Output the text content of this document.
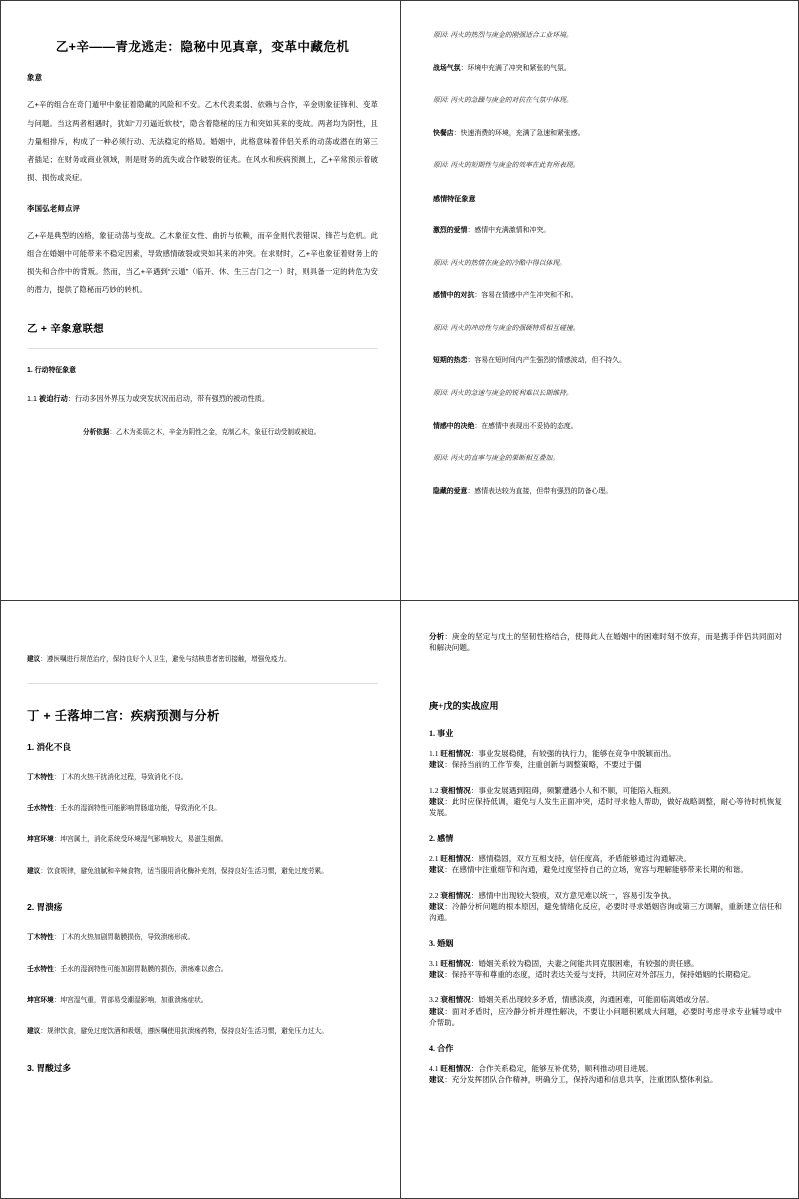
乙+辛——青龙逃走：隐秘中见真章，变革中藏危机
象意

乙+辛的组合在奇门遁甲中象征着隐藏的风险和不安。乙木代表柔弱、依赖与合作，辛金则象征锋利、变革与问题。当这两者相遇时，犹如“刀刃逼近软枝”，隐含着隐秘的压力和突如其来的变故。两者均为阴性，且力量相排斥，构成了一种必须行动、无法稳定的格局。婚姻中，此格意味着伴侣关系的动荡或潜在的第三者插足；在财务或商业领域，则是财务的流失或合作破裂的征兆。在风水和疾病预测上，乙+辛常预示着破损、损伤或炎症。

李国弘老师点评

乙+辛是典型的凶格，象征动荡与变故。乙木象征女性、曲折与依赖，而辛金则代表错误、锋芒与危机。此组合在婚姻中可能带来不稳定因素，导致感情破裂或突如其来的冲突。在求财时，乙+辛也象征着财务上的损失和合作中的背叛。然而，当乙+辛遇到“云遁”（临开、休、生三吉门之一）时，则具备一定的转危为安的潜力，提供了隐秘而巧妙的转机。

乙 + 辛象意联想
1. 行动特征象意

1.1 被迫行动：行动多因外界压力或突发状况而启动，带有强烈的被动性质。

分析依据：乙木为柔弱之木，辛金为阴性之金，克制乙木，象征行动受制或被迫。

原因: 丙火的热烈与庚金的刚强适合工业环境。

战场气氛：环境中充满了冲突和紧张的气氛。

原因: 丙火的急躁与庚金的对抗在气氛中体现。

快餐店：快速消费的环境，充满了急速和紧张感。

原因: 丙火的短期性与庚金的效率在此有所表现。

感情特征象意

激烈的爱情：感情中充满激情和冲突。

原因: 丙火的热情在庚金的冷酷中得以体现。

感情中的对抗：容易在情感中产生冲突和不和。

原因: 丙火的冲动性与庚金的强硬特质相互碰撞。

短期的热恋：容易在短时间内产生强烈的情感波动，但不持久。

原因: 丙火的急速与庚金的锐利难以长期维持。

情感中的决绝：在感情中表现出不妥协的态度。

原因: 丙火的直率与庚金的果断相互叠加。

隐藏的爱意：感情表达较为直接，但带有强烈的防备心理。

建议：遵医嘱进行规范治疗，保持良好个人卫生，避免与结核患者密切接触，增强免疫力。

丁 + 壬落坤二宫：疾病预测与分析
1. 消化不良

丁木特性：丁木的火热干扰消化过程，导致消化不良。

壬水特性：壬水的湿润特性可能影响胃肠道功能，导致消化不良。

坤宫环境：坤宫属土，消化系统受环境湿气影响较大，易滋生细菌。

建议：饮食规律，避免油腻和辛辣食物，适当服用消化酶补充剂，保持良好生活习惯，避免过度劳累。

2. 胃溃疡

丁木特性：丁木的火热加剧胃黏膜损伤，导致溃疡形成。

壬水特性：壬水的湿润特性可能加剧胃黏膜的损伤，溃疡难以愈合。

坤宫环境：坤宫湿气重，胃部易受潮湿影响，加重溃疡症状。

建议：规律饮食，避免过度饮酒和吸烟，遵医嘱使用抗溃疡药物，保持良好生活习惯，避免压力过大。

3. 胃酸过多

分析：庚金的坚定与戊土的坚韧性格结合，使得此人在婚姻中的困难时刻不放弃，而是携手伴侣共同面对和解决问题。

庚+戊的实战应用
1. 事业
1.1 旺相情况：事业发展稳健，有较强的执行力，能够在竞争中脱颖而出。
建议：保持当前的工作节奏，注重创新与调整策略，不要过于僵
1.2 衰相情况：事业发展遇到阻碍，频繁遭遇小人和不顺，可能陷入瓶颈。
建议：此时应保持低调，避免与人发生正面冲突，适时寻求他人帮助，做好战略调整，耐心等待时机恢复发展。
2. 感情
2.1 旺相情况：感情稳固，双方互相支持，信任度高，矛盾能够通过沟通解决。
建议：在感情中注重细节和沟通，避免过度坚持自己的立场，宽容与理解能够带来长期的和谐。
2.2 衰相情况：感情中出现较大裂痕，双方意见难以统一，容易引发争执。
建议：冷静分析问题的根本原因，避免情绪化反应，必要时寻求婚姻咨询或第三方调解，重新建立信任和沟通。
3. 婚姻
3.1 旺相情况：婚姻关系较为稳固，夫妻之间能共同克服困难，有较强的责任感。
建议：保持平等和尊重的态度，适时表达关爱与支持，共同应对外部压力，保持婚姻的长期稳定。
3.2 衰相情况：婚姻关系出现较多矛盾，情感淡漠，沟通困难，可能面临离婚或分居。
建议：面对矛盾时，应冷静分析并理性解决，不要让小问题积累成大问题，必要时考虑寻求专业辅导或中介帮助。
4. 合作
4.1 旺相情况：合作关系稳定，能够互补优势，顺利推动项目进展。
建议：充分发挥团队合作精神，明确分工，保持沟通和信息共享，注重团队整体利益。
